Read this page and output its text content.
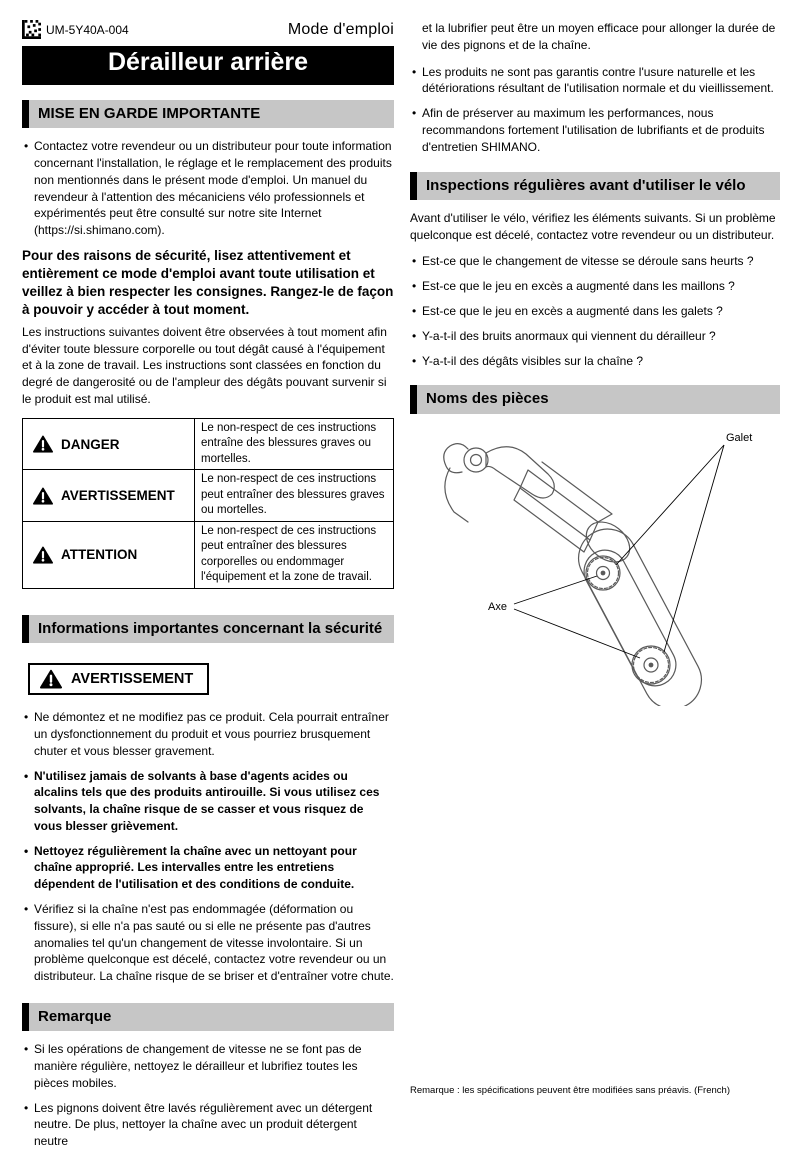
UM-5Y40A-004	Mode d'emploi
Dérailleur arrière
MISE EN GARDE IMPORTANTE
• Contactez votre revendeur ou un distributeur pour toute information concernant l'installation, le réglage et le remplacement des produits non mentionnés dans le présent mode d'emploi. Un manuel du revendeur à l'attention des mécaniciens vélo professionnels et expérimentés peut être consulté sur notre site Internet (https://si.shimano.com).
Pour des raisons de sécurité, lisez attentivement et entièrement ce mode d'emploi avant toute utilisation et veillez à bien respecter les consignes. Rangez-le de façon à pouvoir y accéder à tout moment.
Les instructions suivantes doivent être observées à tout moment afin d'éviter toute blessure corporelle ou tout dégât causé à l'équipement et à la zone de travail. Les instructions sont classées en fonction du degré de dangerosité ou de l'ampleur des dégâts pouvant survenir si le produit est mal utilisé.
DANGER	Le non-respect de ces instructions entraîne des blessures graves ou mortelles.

AVERTISSEMENT	Le non-respect de ces instructions peut entraîner des blessures graves ou mortelles.

ATTENTION	Le non-respect de ces instructions peut entraîner des blessures corporelles ou endommager l'équipement et la zone de travail.
Informations importantes concernant la sécurité
AVERTISSEMENT
• Ne démontez et ne modifiez pas ce produit. Cela pourrait entraîner un dysfonctionnement du produit et vous pourriez brusquement chuter et vous blesser gravement.
• N'utilisez jamais de solvants à base d'agents acides ou alcalins tels que des produits antirouille. Si vous utilisez ces solvants, la chaîne risque de se casser et vous risquez de vous blesser grièvement.
• Nettoyez régulièrement la chaîne avec un nettoyant pour chaîne approprié. Les intervalles entre les entretiens dépendent de l'utilisation et des conditions de conduite.
• Vérifiez si la chaîne n'est pas endommagée (déformation ou fissure), si elle n'a pas sauté ou si elle ne présente pas d'autres anomalies tel qu'un changement de vitesse involontaire. Si un problème quelconque est décelé, contactez votre revendeur ou un distributeur. La chaîne risque de se briser et d'entraîner votre chute.
Remarque
• Si les opérations de changement de vitesse ne se font pas de manière régulière, nettoyez le dérailleur et lubrifiez toutes les pièces mobiles.
• Les pignons doivent être lavés régulièrement avec un détergent neutre. De plus, nettoyer la chaîne avec un produit détergent neutre
et la lubrifier peut être un moyen efficace pour allonger la durée de vie des pignons et de la chaîne.
• Les produits ne sont pas garantis contre l'usure naturelle et les détériorations résultant de l'utilisation normale et du vieillissement.
• Afin de préserver au maximum les performances, nous recommandons fortement l'utilisation de lubrifiants et de produits d'entretien SHIMANO.
Inspections régulières avant d'utiliser le vélo
Avant d'utiliser le vélo, vérifiez les éléments suivants. Si un problème quelconque est décelé, contactez votre revendeur ou un distributeur.
• Est-ce que le changement de vitesse se déroule sans heurts ?
• Est-ce que le jeu en excès a augmenté dans les maillons ?
• Est-ce que le jeu en excès a augmenté dans les galets ?
• Y-a-t-il des bruits anormaux qui viennent du dérailleur ?
• Y-a-t-il des dégâts visibles sur la chaîne ?
Noms des pièces
Galet
Axe
Remarque : les spécifications peuvent être modifiées sans préavis. (French)
